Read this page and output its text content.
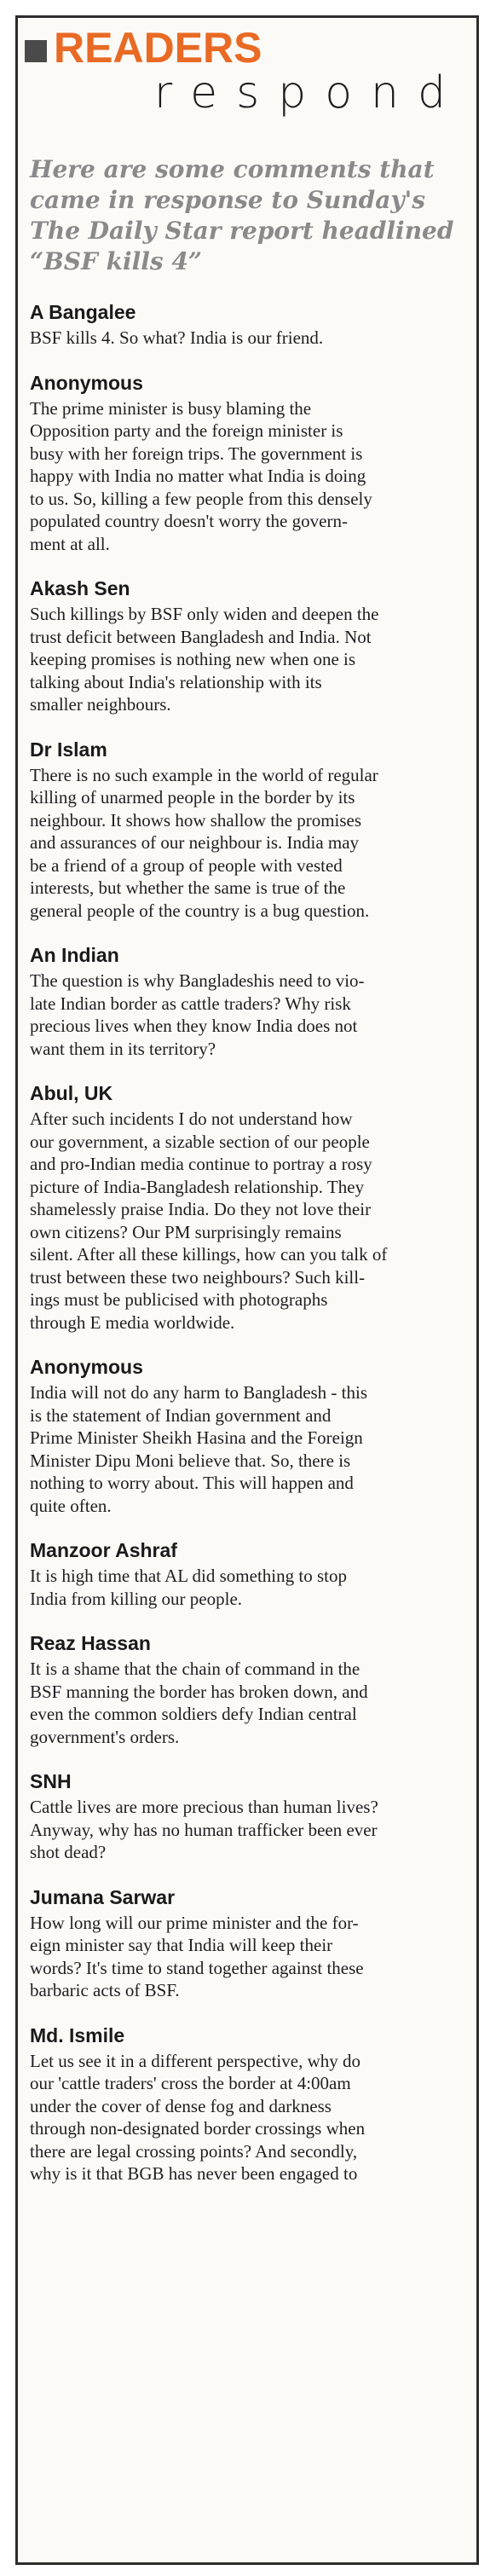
READERS
respond
Here are some comments that came in response to Sunday's The Daily Star report headlined “BSF kills 4”
A Bangalee
BSF kills 4. So what? India is our friend.
Anonymous
The prime minister is busy blaming the
Opposition party and the foreign minister is
busy with her foreign trips. The government is
happy with India no matter what India is doing
to us. So, killing a few people from this densely
populated country doesn't worry the govern-
ment at all.
Akash Sen
Such killings by BSF only widen and deepen the
trust deficit between Bangladesh and India. Not
keeping promises is nothing new when one is
talking about India's relationship with its
smaller neighbours.
Dr Islam
There is no such example in the world of regular
killing of unarmed people in the border by its
neighbour. It shows how shallow the promises
and assurances of our neighbour is. India may
be a friend of a group of people with vested
interests, but whether the same is true of the
general people of the country is a bug question.
An Indian
The question is why Bangladeshis need to vio-
late Indian border as cattle traders? Why risk
precious lives when they know India does not
want them in its territory?
Abul, UK
After such incidents I do not understand how
our government, a sizable section of our people
and pro-Indian media continue to portray a rosy
picture of India-Bangladesh relationship. They
shamelessly praise India. Do they not love their
own citizens? Our PM surprisingly remains
silent. After all these killings, how can you talk of
trust between these two neighbours? Such kill-
ings must be publicised with photographs
through E media worldwide.
Anonymous
India will not do any harm to Bangladesh - this
is the statement of Indian government and
Prime Minister Sheikh Hasina and the Foreign
Minister Dipu Moni believe that. So, there is
nothing to worry about. This will happen and
quite often.
Manzoor Ashraf
It is high time that AL did something to stop
India from killing our people.
Reaz Hassan
It is a shame that the chain of command in the
BSF manning the border has broken down, and
even the common soldiers defy Indian central
government's orders.
SNH
Cattle lives are more precious than human lives?
Anyway, why has no human trafficker been ever
shot dead?
Jumana Sarwar
How long will our prime minister and the for-
eign minister say that India will keep their
words? It's time to stand together against these
barbaric acts of BSF.
Md. Ismile
Let us see it in a different perspective, why do
our 'cattle traders' cross the border at 4:00am
under the cover of dense fog and darkness
through non-designated border crossings when
there are legal crossing points? And secondly,
why is it that BGB has never been engaged to
